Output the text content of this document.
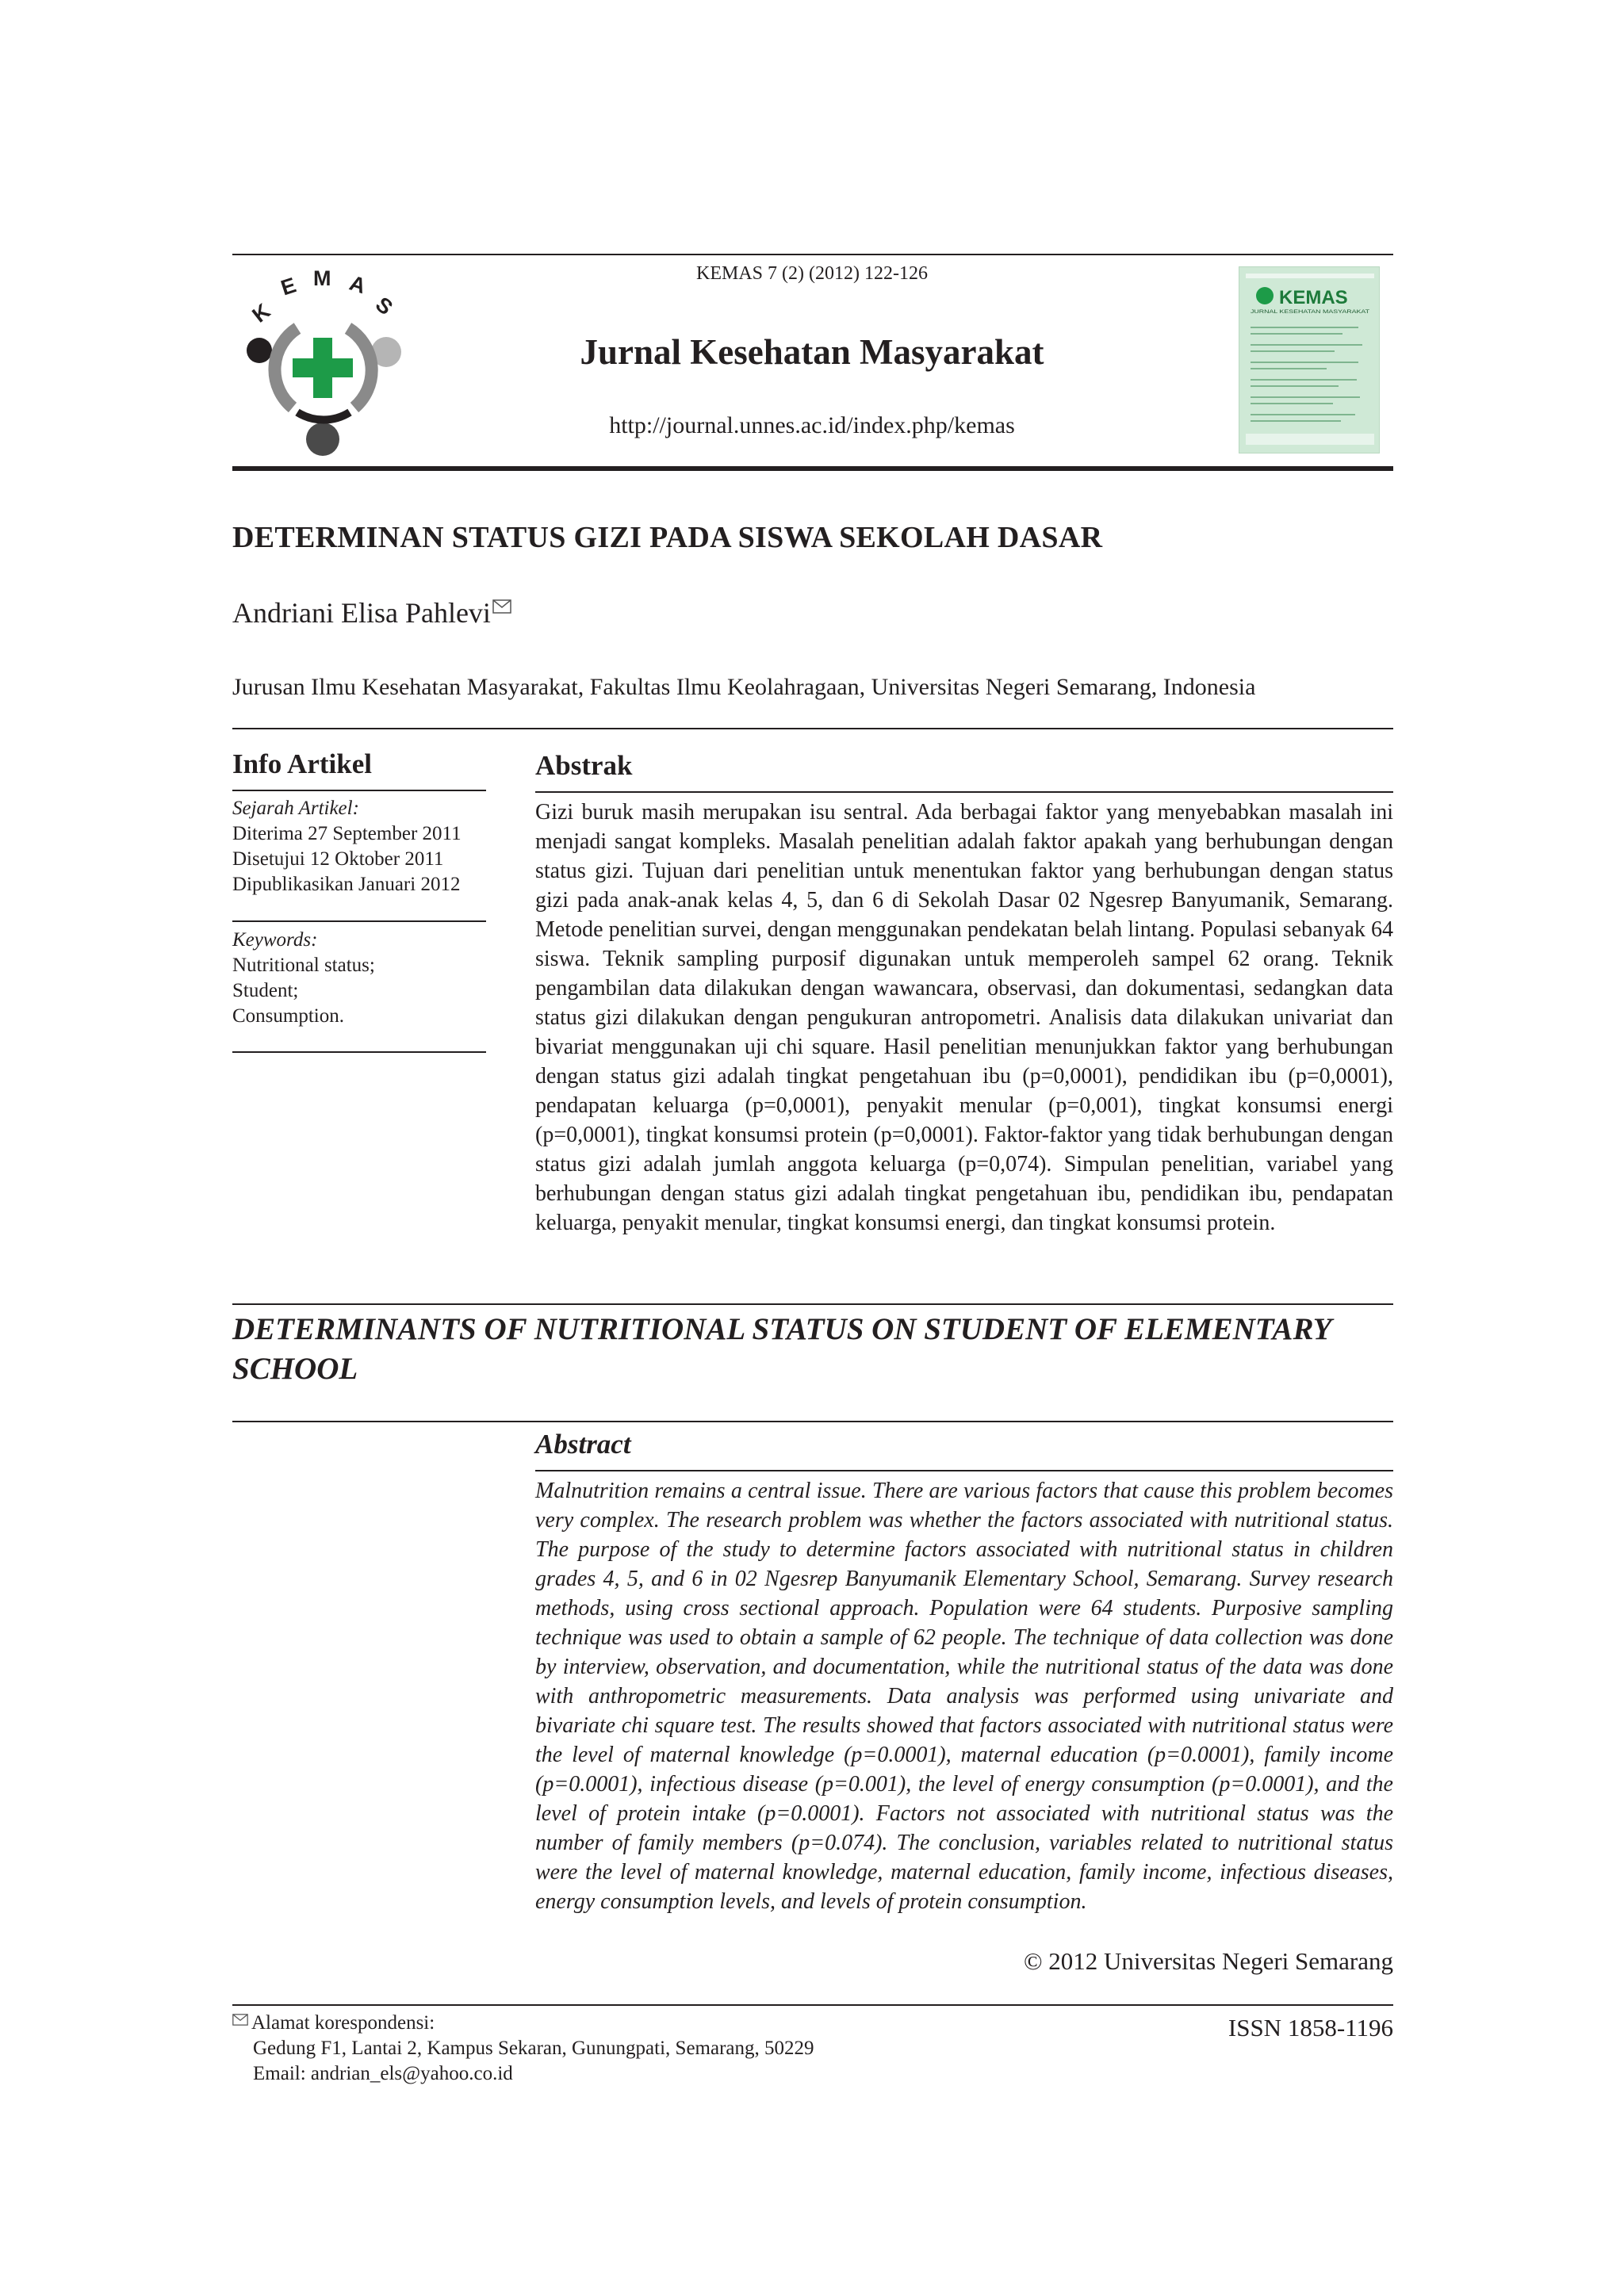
K
E M A
S
KEMAS 7 (2) (2012) 122-126
Jurnal Kesehatan Masyarakat
http://journal.unnes.ac.id/index.php/kemas
KEMAS
JURNAL KESEHATAN MASYARAKAT
DETERMINAN STATUS GIZI PADA SISWA SEKOLAH DASAR
Andriani Elisa Pahlevi
Jurusan Ilmu Kesehatan Masyarakat, Fakultas Ilmu Keolahragaan, Universitas Negeri Semarang, Indonesia
Info Artikel
Sejarah Artikel:
Diterima 27 September 2011
Disetujui 12 Oktober 2011
Dipublikasikan Januari 2012
Keywords:
Nutritional status;
Student;
Consumption.
Abstrak
Gizi buruk masih merupakan isu sentral. Ada berbagai faktor yang menyebabkan masalah ini menjadi sangat kompleks. Masalah penelitian adalah faktor apakah yang berhubungan dengan status gizi. Tujuan dari penelitian untuk menentukan faktor yang berhubungan dengan status gizi pada anak-anak kelas 4, 5, dan 6 di Sekolah Dasar 02 Ngesrep Banyumanik, Semarang. Metode penelitian survei, dengan menggunakan pendekatan belah lintang. Populasi sebanyak 64 siswa. Teknik sampling purposif digunakan untuk memperoleh sampel 62 orang. Teknik pengambilan data dilakukan dengan wawancara, observasi, dan dokumentasi, sedangkan data status gizi dilakukan dengan pengukuran antropometri. Analisis data dilakukan univariat dan bivariat menggunakan uji chi square. Hasil penelitian menunjukkan faktor yang berhubungan dengan status gizi adalah tingkat pengetahuan ibu (p=0,0001), pendidikan ibu (p=0,0001), pendapatan keluarga (p=0,0001), penyakit menular (p=0,001), tingkat konsumsi energi (p=0,0001), tingkat konsumsi protein (p=0,0001). Faktor-faktor yang tidak berhubungan dengan status gizi adalah jumlah anggota keluarga (p=0,074). Simpulan penelitian, variabel yang berhubungan dengan status gizi adalah tingkat pengetahuan ibu, pendidikan ibu, pendapatan keluarga, penyakit menular, tingkat konsumsi energi, dan tingkat konsumsi protein.
DETERMINANTS OF NUTRITIONAL STATUS ON STUDENT OF ELEMENTARY SCHOOL
Abstract
Malnutrition remains a central issue. There are various factors that cause this problem becomes very complex. The research problem was whether the factors associated with nutritional status. The purpose of the study to determine factors associated with nutritional status in children grades 4, 5, and 6 in 02 Ngesrep Banyumanik Elementary School, Semarang. Survey research methods, using cross sectional approach. Population were 64 students. Purposive sampling technique was used to obtain a sample of 62 people. The technique of data collection was done by interview, observation, and documentation, while the nutritional status of the data was done with anthropometric measurements. Data analysis was performed using univariate and bivariate chi square test. The results showed that factors associated with nutritional status were the level of maternal knowledge (p=0.0001), maternal education (p=0.0001), family income (p=0.0001), infectious disease (p=0.001), the level of energy consumption (p=0.0001), and the level of protein intake (p=0.0001). Factors not associated with nutritional status was the number of family members (p=0.074). The conclusion, variables related to nutritional status were the level of maternal knowledge, maternal education, family income, infectious diseases, energy consumption levels, and levels of protein consumption.
© 2012 Universitas Negeri Semarang
Alamat korespondensi:
Gedung F1, Lantai 2, Kampus Sekaran, Gunungpati, Semarang, 50229
Email: andrian_els@yahoo.co.id
ISSN 1858-1196
